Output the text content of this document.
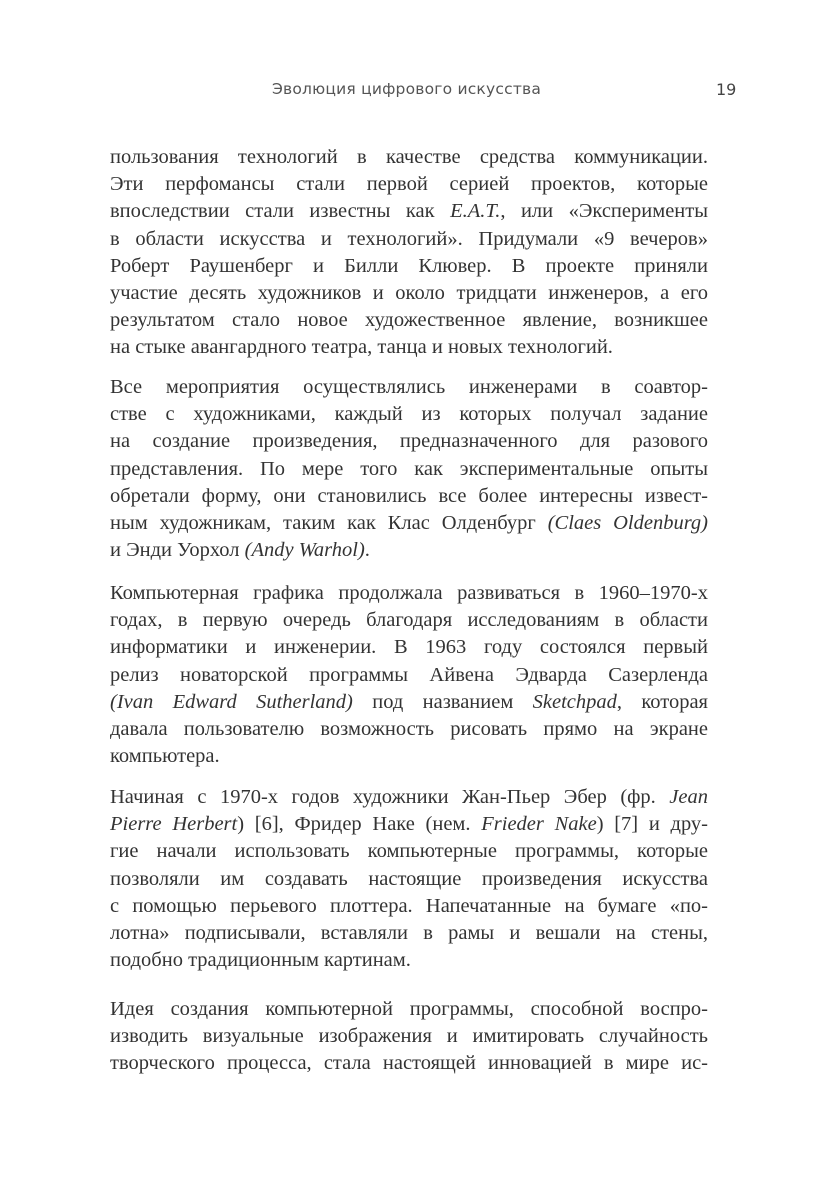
Эволюция цифрового искусства	19
пользования технологий в качестве средства коммуникации.
Эти перфомансы стали первой серией проектов, которые
впоследствии стали известны как E.A.T., или «Эксперименты
в области искусства и технологий». Придумали «9 вечеров»
Роберт Раушенберг и Билли Клювер. В проекте приняли
участие десять художников и около тридцати инженеров, а его
результатом стало новое художественное явление, возникшее
на стыке авангардного театра, танца и новых технологий.
Все мероприятия осуществлялись инженерами в соавтор-
стве с художниками, каждый из которых получал задание
на создание произведения, предназначенного для разового
представления. По мере того как экспериментальные опыты
обретали форму, они становились все более интересны извест-
ным художникам, таким как Клас Олденбург (Claes Oldenburg)
и Энди Уорхол (Andy Warhol).
Компьютерная графика продолжала развиваться в 1960–1970-х
годах, в первую очередь благодаря исследованиям в области
информатики и инженерии. В 1963 году состоялся первый
релиз новаторской программы Айвена Эдварда Сазерленда
(Ivan Edward Sutherland) под названием Sketchpad, которая
давала пользователю возможность рисовать прямо на экране
компьютера.
Начиная с 1970-х годов художники Жан-Пьер Эбер (фр. Jean
Pierre Herbert) [6], Фридер Наке (нем. Frieder Nake) [7] и дру-
гие начали использовать компьютерные программы, которые
позволяли им создавать настоящие произведения искусства
с помощью перьевого плоттера. Напечатанные на бумаге «по-
лотна» подписывали, вставляли в рамы и вешали на стены,
подобно традиционным картинам.
Идея создания компьютерной программы, способной воспро-
изводить визуальные изображения и имитировать случайность
творческого процесса, стала настоящей инновацией в мире ис-
